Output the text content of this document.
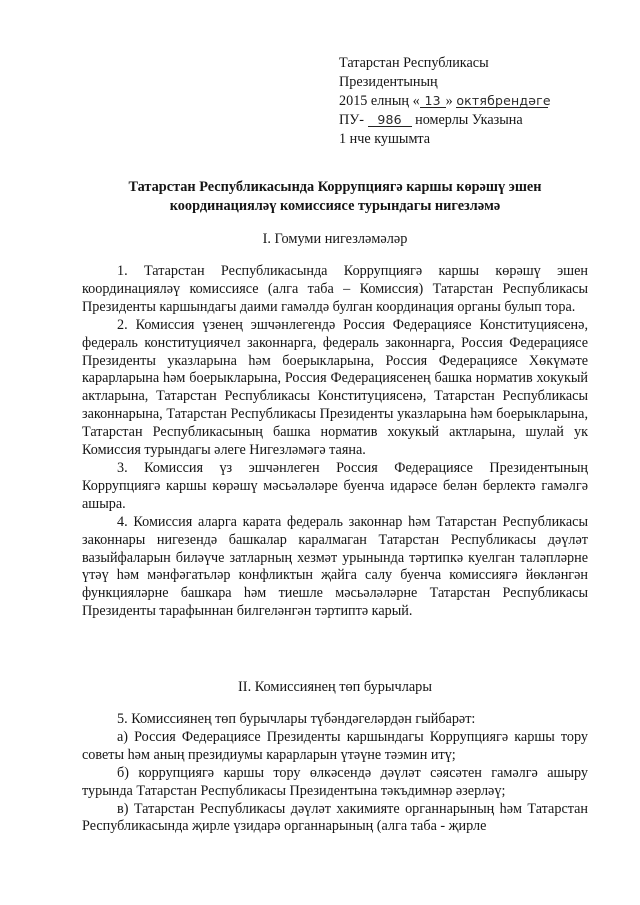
Татарстан Республикасы
Президентының
2015 елның « 13 » октябрендәге
ПУ- 986 номерлы Указына
1 нче кушымта
Татарстан Республикасында Коррупциягә каршы көрәшү эшен
координацияләү комиссиясе турындагы нигезләмә
I. Гомуми нигезләмәләр

1. Татарстан Республикасында Коррупциягә каршы көрәшү эшен координацияләү комиссиясе (алга таба – Комиссия) Татарстан Республикасы Президенты каршындагы даими гамәлдә булган координация органы булып тора.

2. Комиссия үзенең эшчәнлегендә Россия Федерациясе Конституциясенә, федераль конституциячел законнарга, федераль законнарга, Россия Федерациясе Президенты указларына һәм боерыкларына, Россия Федерациясе Хөкүмәте карарларына һәм боерыкларына, Россия Федерациясенең башка норматив хокукый актларына, Татарстан Республикасы Конституциясенә, Татарстан Республикасы законнарына, Татарстан Республикасы Президенты указларына һәм боерыкларына, Татарстан Республикасының башка норматив хокукый актларына, шулай ук Комиссия турындагы әлеге Нигезләмәгә таяна.

3. Комиссия үз эшчәнлеген Россия Федерациясе Президентының Коррупциягә каршы көрәшү мәсьәләләре буенча идарәсе белән берлектә гамәлгә ашыра.

4. Комиссия аларга карата федераль законнар һәм Татарстан Республикасы законнары нигезендә башкалар каралмаган Татарстан Республикасы дәүләт вазыйфаларын биләүче затларның хезмәт урынында тәртипкә куелган таләпләрне үтәү һәм мәнфәгатьләр конфликтын җайга салу буенча комиссиягә йөкләнгән функцияләрне башкара һәм тиешле мәсьәләләрне Татарстан Республикасы Президенты тарафыннан билгеләнгән тәртиптә карый.

II. Комиссиянең төп бурычлары

5. Комиссиянең төп бурычлары түбәндәгеләрдән гыйбарәт:

а) Россия Федерациясе Президенты каршындагы Коррупциягә каршы тору советы һәм аның президиумы карарларын үтәүне тәэмин итү;

б) коррупциягә каршы тору өлкәсендә дәүләт сәясәтен гамәлгә ашыру турында Татарстан Республикасы Президентына тәкъдимнәр әзерләү;

в) Татарстан Республикасы дәүләт хакимияте органнарының һәм Татарстан Республикасында җирле үзидарә органнарының (алга таба - җирле
